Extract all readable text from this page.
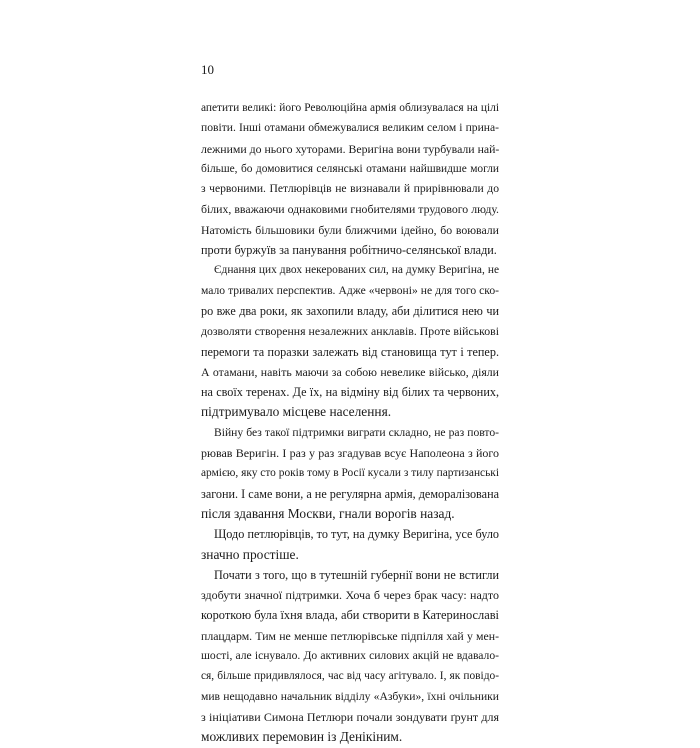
10
апетити великі: його Революційна армія облизувалася на цілі
повіти. Інші отамани обмежувалися великим селом і прина-
лежними до нього хуторами. Веригіна вони турбували най-
більше, бо домовитися селянські отамани найшвидше могли
з червоними. Петлюрівців не визнавали й прирівнювали до
білих, вважаючи однаковими гнобителями трудового люду.
Натомість більшовики були ближчими ідейно, бо воювали
проти буржуїв за панування робітничо-селянської влади.
Єднання цих двох некерованих сил, на думку Веригіна, не
мало тривалих перспектив. Адже «червоні» не для того ско-
ро вже два роки, як захопили владу, аби ділитися нею чи
дозволяти створення незалежних анклавів. Проте військові
перемоги та поразки залежать від становища тут і тепер.
А отамани, навіть маючи за собою невелике військо, діяли
на своїх теренах. Де їх, на відміну від білих та червоних,
підтримувало місцеве населення.
Війну без такої підтримки виграти складно, не раз повто-
рював Веригін. І раз у раз згадував всує Наполеона з його
армією, яку сто років тому в Росії кусали з тилу партизанські
загони. І саме вони, а не регулярна армія, деморалізована
після здавання Москви, гнали ворогів назад.
Щодо петлюрівців, то тут, на думку Веригіна, усе було
значно простіше.
Почати з того, що в тутешній губернії вони не встигли
здобути значної підтримки. Хоча б через брак часу: надто
короткою була їхня влада, аби створити в Катеринославі
плацдарм. Тим не менше петлюрівське підпілля хай у мен-
шості, але існувало. До активних силових акцій не вдавало-
ся, більше придивлялося, час від часу агітувало. І, як повідо-
мив нещодавно начальник відділу «Азбуки», їхні очільники
з ініціативи Симона Петлюри почали зондувати ґрунт для
можливих перемовин із Денікіним.
